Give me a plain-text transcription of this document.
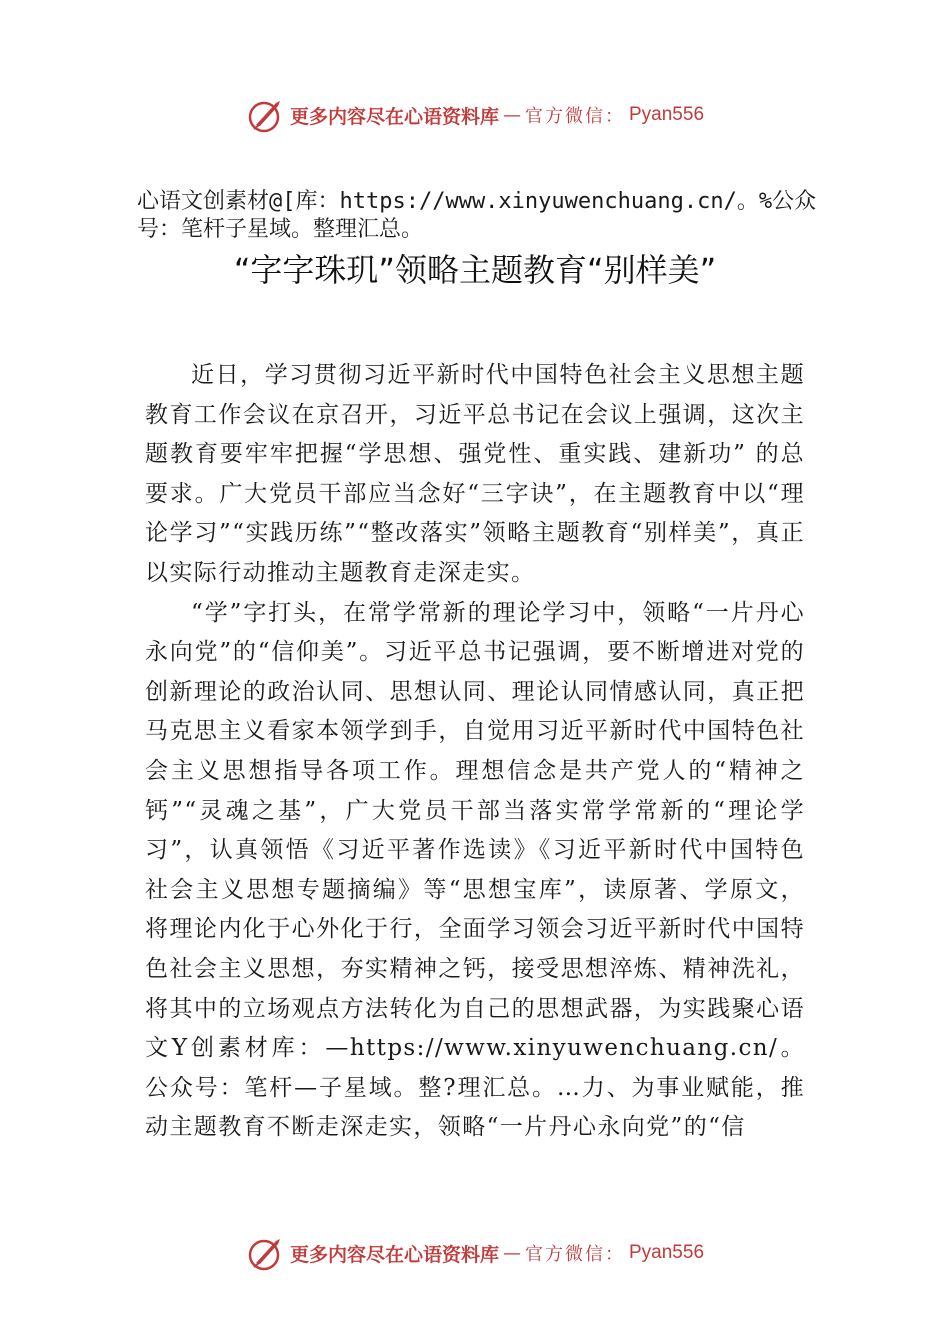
更多内容尽在心语资料库 — 官方微信： Pyan556
心语文创素材@[库：https://www.xinyuwenchuang.cn/。%公众号：笔杆子星域。整理汇总。
“字字珠玑”领略主题教育“别样美”

近日，学习贯彻习近平新时代中国特色社会主义思想主题教育工作会议在京召开，习近平总书记在会议上强调，这次主题教育要牢牢把握“学思想、强党性、重实践、建新功” 的总要求。广大党员干部应当念好“三字诀”，在主题教育中以“理论学习”“实践历练”“整改落实”领略主题教育“别样美”，真正以实际行动推动主题教育走深走实。

“学”字打头，在常学常新的理论学习中，领略“一片丹心永向党”的“信仰美”。习近平总书记强调，要不断增进对党的创新理论的政治认同、思想认同、理论认同情感认同，真正把马克思主义看家本领学到手，自觉用习近平新时代中国特色社会主义思想指导各项工作。理想信念是共产党人的“精神之钙”“灵魂之基”，广大党员干部当落实常学常新的“理论学习”，认真领悟《习近平著作选读》《习近平新时代中国特色社会主义思想专题摘编》等“思想宝库”，读原著、学原文，将理论内化于心外化于行，全面学习领会习近平新时代中国特色社会主义思想，夯实精神之钙，接受思想淬炼、精神洗礼，将其中的立场观点方法转化为自己的思想武器，为实践聚心语文Y创素材库：—https://www.xinyuwenchuang.cn/。公众号：笔杆—子星域。整?理汇总。…力、为事业赋能，推动主题教育不断走深走实，领略“一片丹心永向党”的“信

更多内容尽在心语资料库 — 官方微信： Pyan556
